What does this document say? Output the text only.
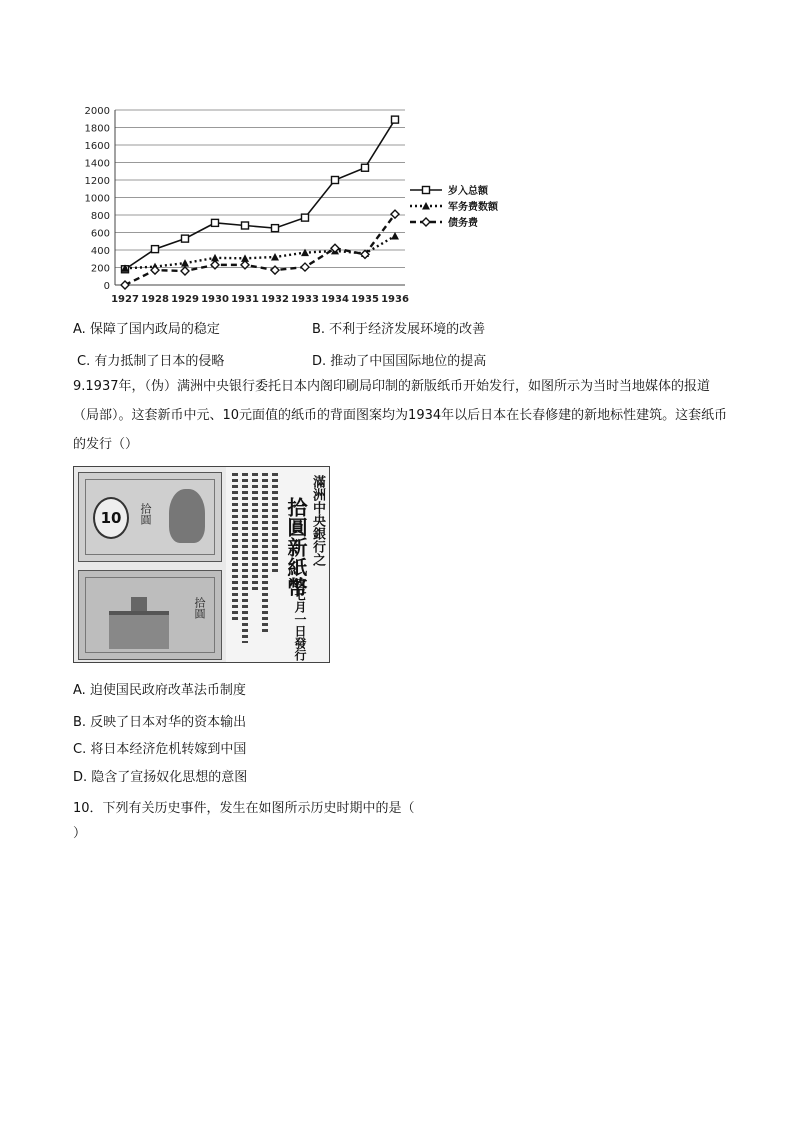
0
200
400
600
800
1000
1200
1400
1600
1800
2000
1927 1928 1929 1930 1931 1932 1933 1934 1935 1936
岁入总额
军务费数额
债务费
A. 保障了国内政局的稳定	B. 不利于经济发展环境的改善
C. 有力抵制了日本的侵略	D. 推动了中国国际地位的提高
9.1937年，（伪）满洲中央银行委托日本内阁印刷局印制的新版纸币开始发行，如图所示为当时当地媒体的报道（局部）。这套新币中元、10元面值的纸币的背面图案均为1934年以后日本在长春修建的新地标性建筑。这套纸币的发行（）
10	拾圓
拾圓
滿洲中央銀行之
拾圓新紙幣
自七月一日發行
A. 迫使国民政府改革法币制度
B. 反映了日本对华的资本输出
C. 将日本经济危机转嫁到中国
D. 隐含了宣扬奴化思想的意图
10．下列有关历史事件，发生在如图所示历史时期中的是（
）
